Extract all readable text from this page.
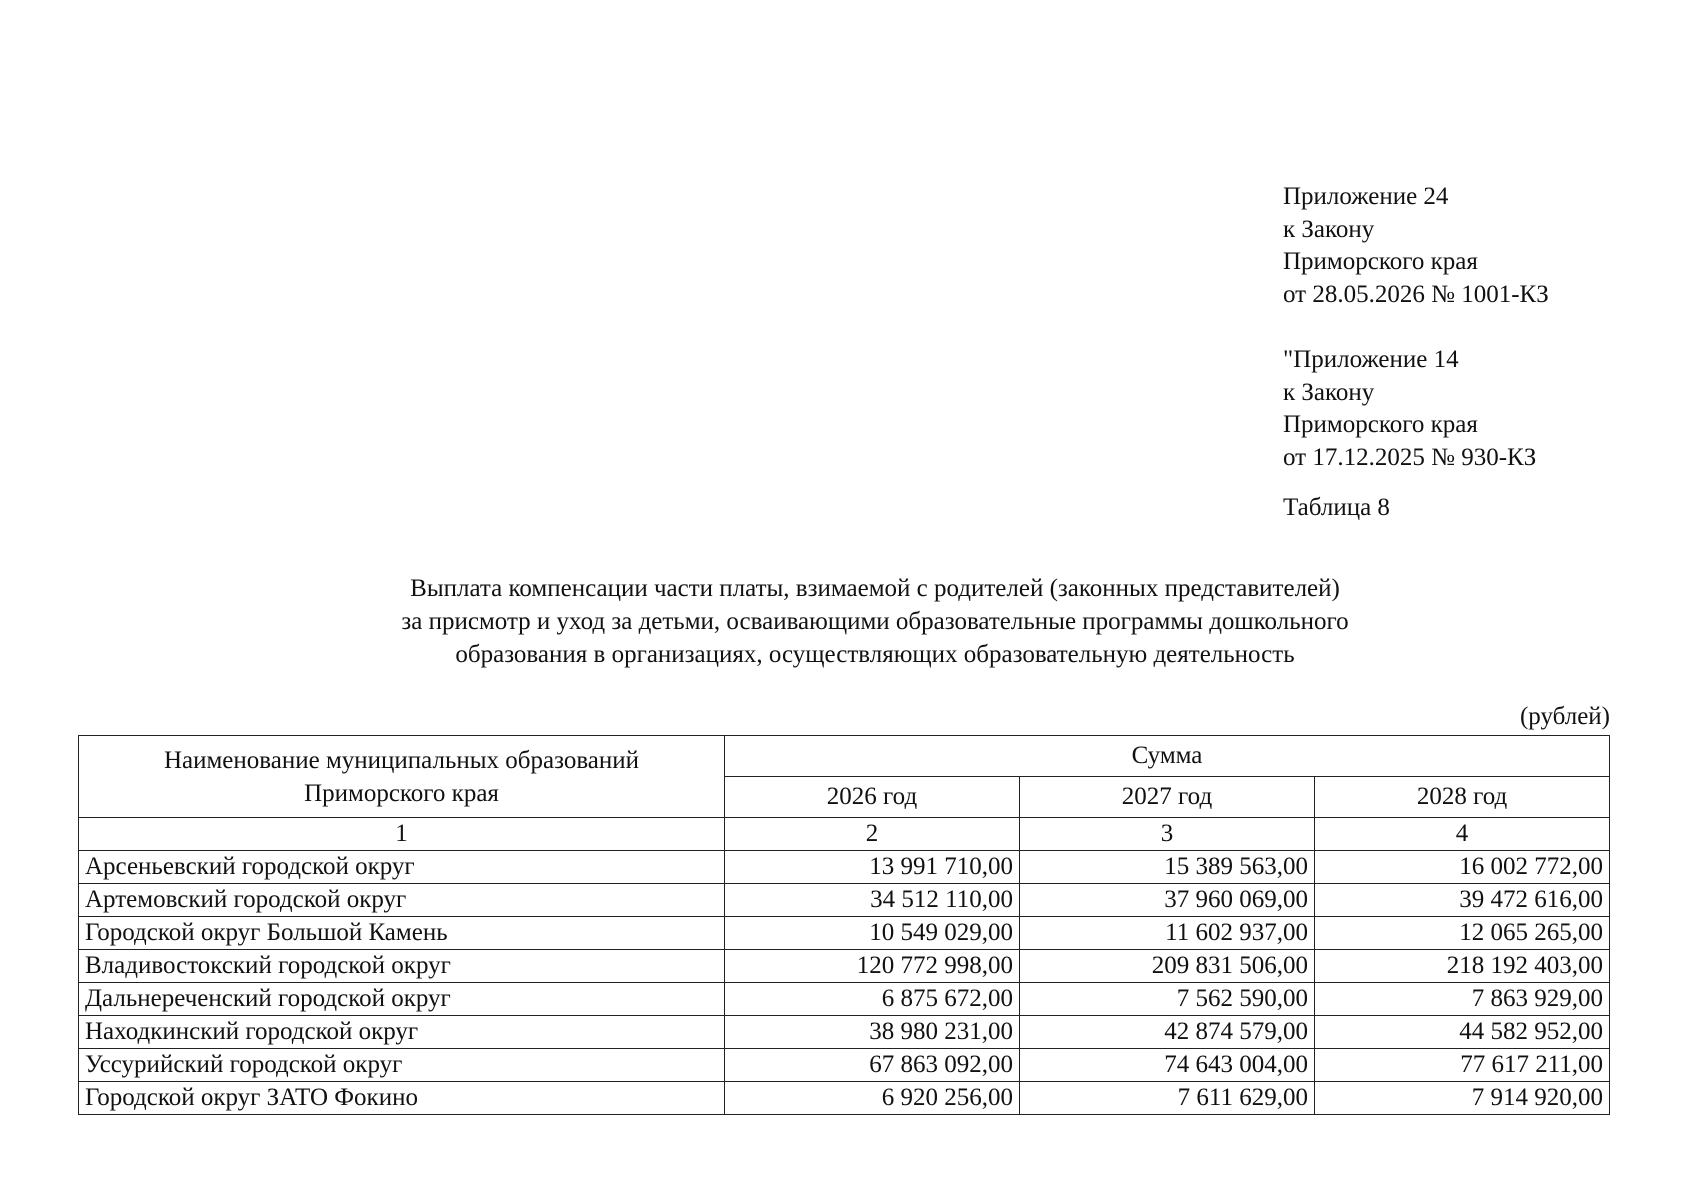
Приложение 24
к Закону
Приморского края
от 28.05.2026 № 1001-КЗ
"Приложение 14
к Закону
Приморского края
от 17.12.2025 № 930-КЗ
Таблица 8
Выплата компенсации части платы, взимаемой с родителей (законных представителей)
за присмотр и уход за детьми, осваивающими образовательные программы дошкольного
образования в организациях, осуществляющих образовательную деятельность
(рублей)
Наименование муниципальных образований
Приморского края	Сумма		
	2026 год	2027 год	2028 год
1	2	3	4
Арсеньевский городской округ	13 991 710,00	15 389 563,00	16 002 772,00
Артемовский городской округ	34 512 110,00	37 960 069,00	39 472 616,00
Городской округ Большой Камень	10 549 029,00	11 602 937,00	12 065 265,00
Владивостокский городской округ	120 772 998,00	209 831 506,00	218 192 403,00
Дальнереченский городской округ	6 875 672,00	7 562 590,00	7 863 929,00
Находкинский городской округ	38 980 231,00	42 874 579,00	44 582 952,00
Уссурийский городской округ	67 863 092,00	74 643 004,00	77 617 211,00
Городской округ ЗАТО Фокино	6 920 256,00	7 611 629,00	7 914 920,00
